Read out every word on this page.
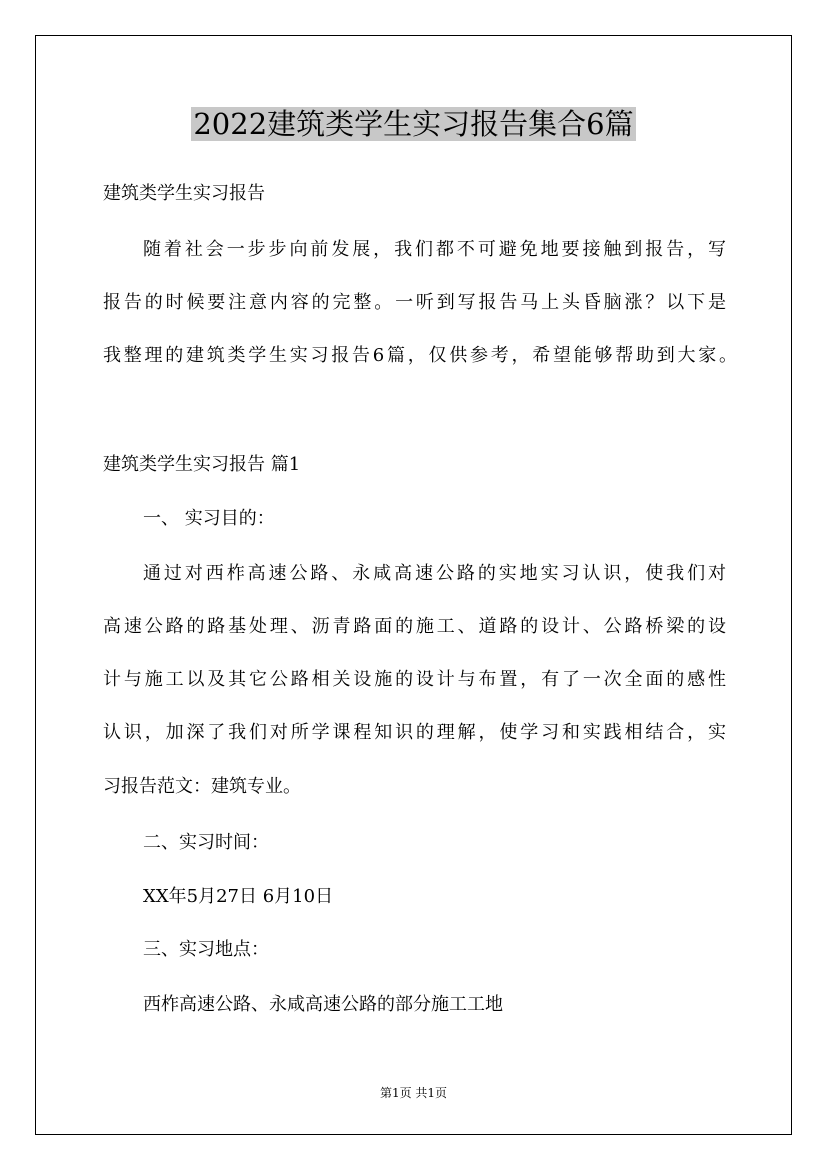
2022建筑类学生实习报告集合6篇
建筑类学生实习报告
随着社会一步步向前发展，我们都不可避免地要接触到报告，写
报告的时候要注意内容的完整。一听到写报告马上头昏脑涨？以下是
我整理的建筑类学生实习报告6篇，仅供参考，希望能够帮助到大家。
建筑类学生实习报告 篇1
一、 实习目的：
通过对西柞高速公路、永咸高速公路的实地实习认识，使我们对
高速公路的路基处理、沥青路面的施工、道路的设计、公路桥梁的设
计与施工以及其它公路相关设施的设计与布置，有了一次全面的感性
认识，加深了我们对所学课程知识的理解，使学习和实践相结合，实
习报告范文：建筑专业。
二、实习时间：
XX年5月27日 6月10日
三、实习地点：
西柞高速公路、永咸高速公路的部分施工工地
第1页 共1页
